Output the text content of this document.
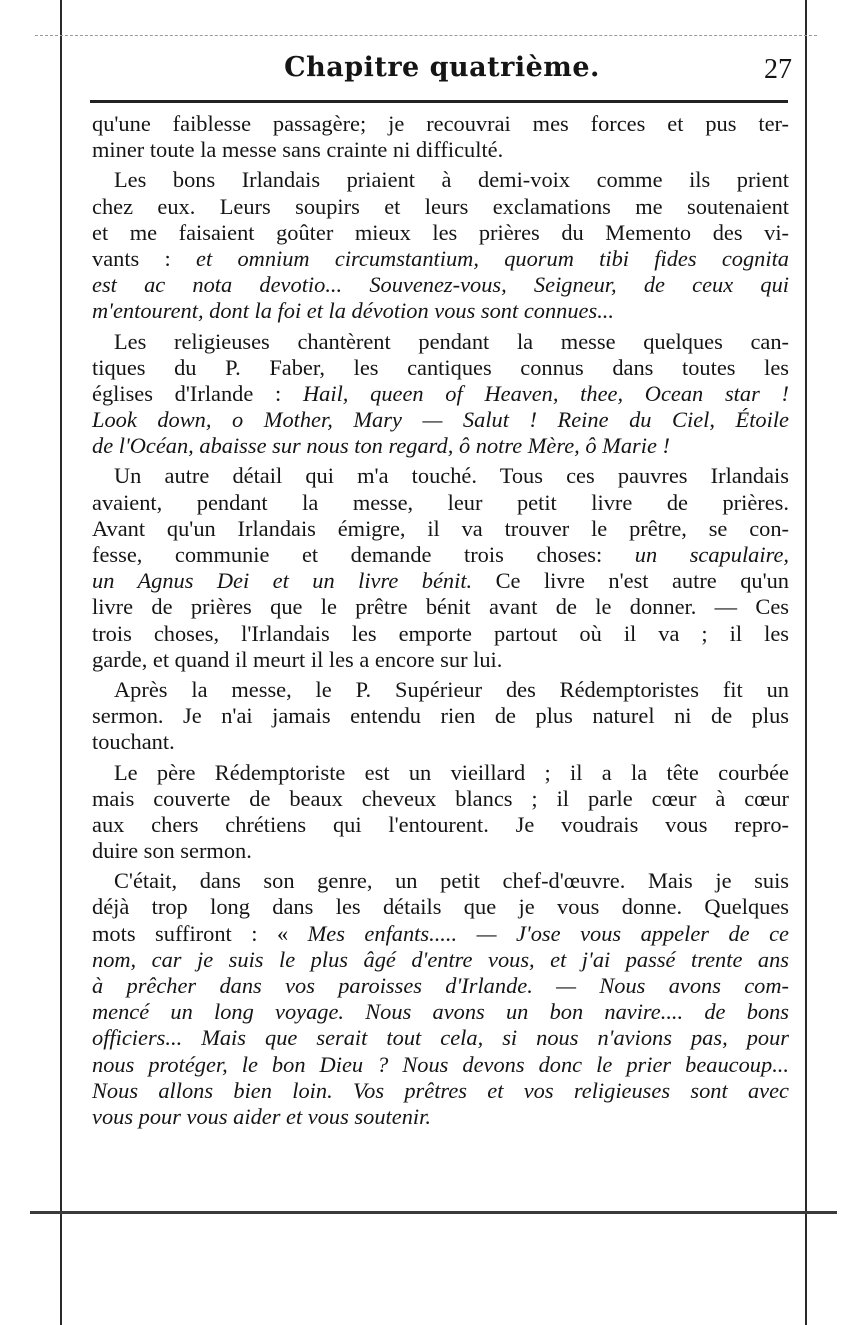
Chapitre quatrième.	27
qu'une faiblesse passagère; je recouvrai mes forces et pus ter-
miner toute la messe sans crainte ni difficulté.
Les bons Irlandais priaient à demi-voix comme ils prient
chez eux. Leurs soupirs et leurs exclamations me soutenaient
et me faisaient goûter mieux les prières du Memento des vi-
vants : et omnium circumstantium, quorum tibi fides cognita
est ac nota devotio... Souvenez-vous, Seigneur, de ceux qui
m'entourent, dont la foi et la dévotion vous sont connues...
Les religieuses chantèrent pendant la messe quelques can-
tiques du P. Faber, les cantiques connus dans toutes les
églises d'Irlande : Hail, queen of Heaven, thee, Ocean star !
Look down, o Mother, Mary — Salut ! Reine du Ciel, Étoile
de l'Océan, abaisse sur nous ton regard, ô notre Mère, ô Marie !
Un autre détail qui m'a touché. Tous ces pauvres Irlandais
avaient, pendant la messe, leur petit livre de prières.
Avant qu'un Irlandais émigre, il va trouver le prêtre, se con-
fesse, communie et demande trois choses: un scapulaire,
un Agnus Dei et un livre bénit. Ce livre n'est autre qu'un
livre de prières que le prêtre bénit avant de le donner. — Ces
trois choses, l'Irlandais les emporte partout où il va ; il les
garde, et quand il meurt il les a encore sur lui.
Après la messe, le P. Supérieur des Rédemptoristes fit un
sermon. Je n'ai jamais entendu rien de plus naturel ni de plus
touchant.
Le père Rédemptoriste est un vieillard ; il a la tête courbée
mais couverte de beaux cheveux blancs ; il parle cœur à cœur
aux chers chrétiens qui l'entourent. Je voudrais vous repro-
duire son sermon.
C'était, dans son genre, un petit chef-d'œuvre. Mais je suis
déjà trop long dans les détails que je vous donne. Quelques
mots suffiront : « Mes enfants..... — J'ose vous appeler de ce
nom, car je suis le plus âgé d'entre vous, et j'ai passé trente ans
à prêcher dans vos paroisses d'Irlande. — Nous avons com-
mencé un long voyage. Nous avons un bon navire.... de bons
officiers... Mais que serait tout cela, si nous n'avions pas, pour
nous protéger, le bon Dieu ? Nous devons donc le prier beaucoup...
Nous allons bien loin. Vos prêtres et vos religieuses sont avec
vous pour vous aider et vous soutenir.
